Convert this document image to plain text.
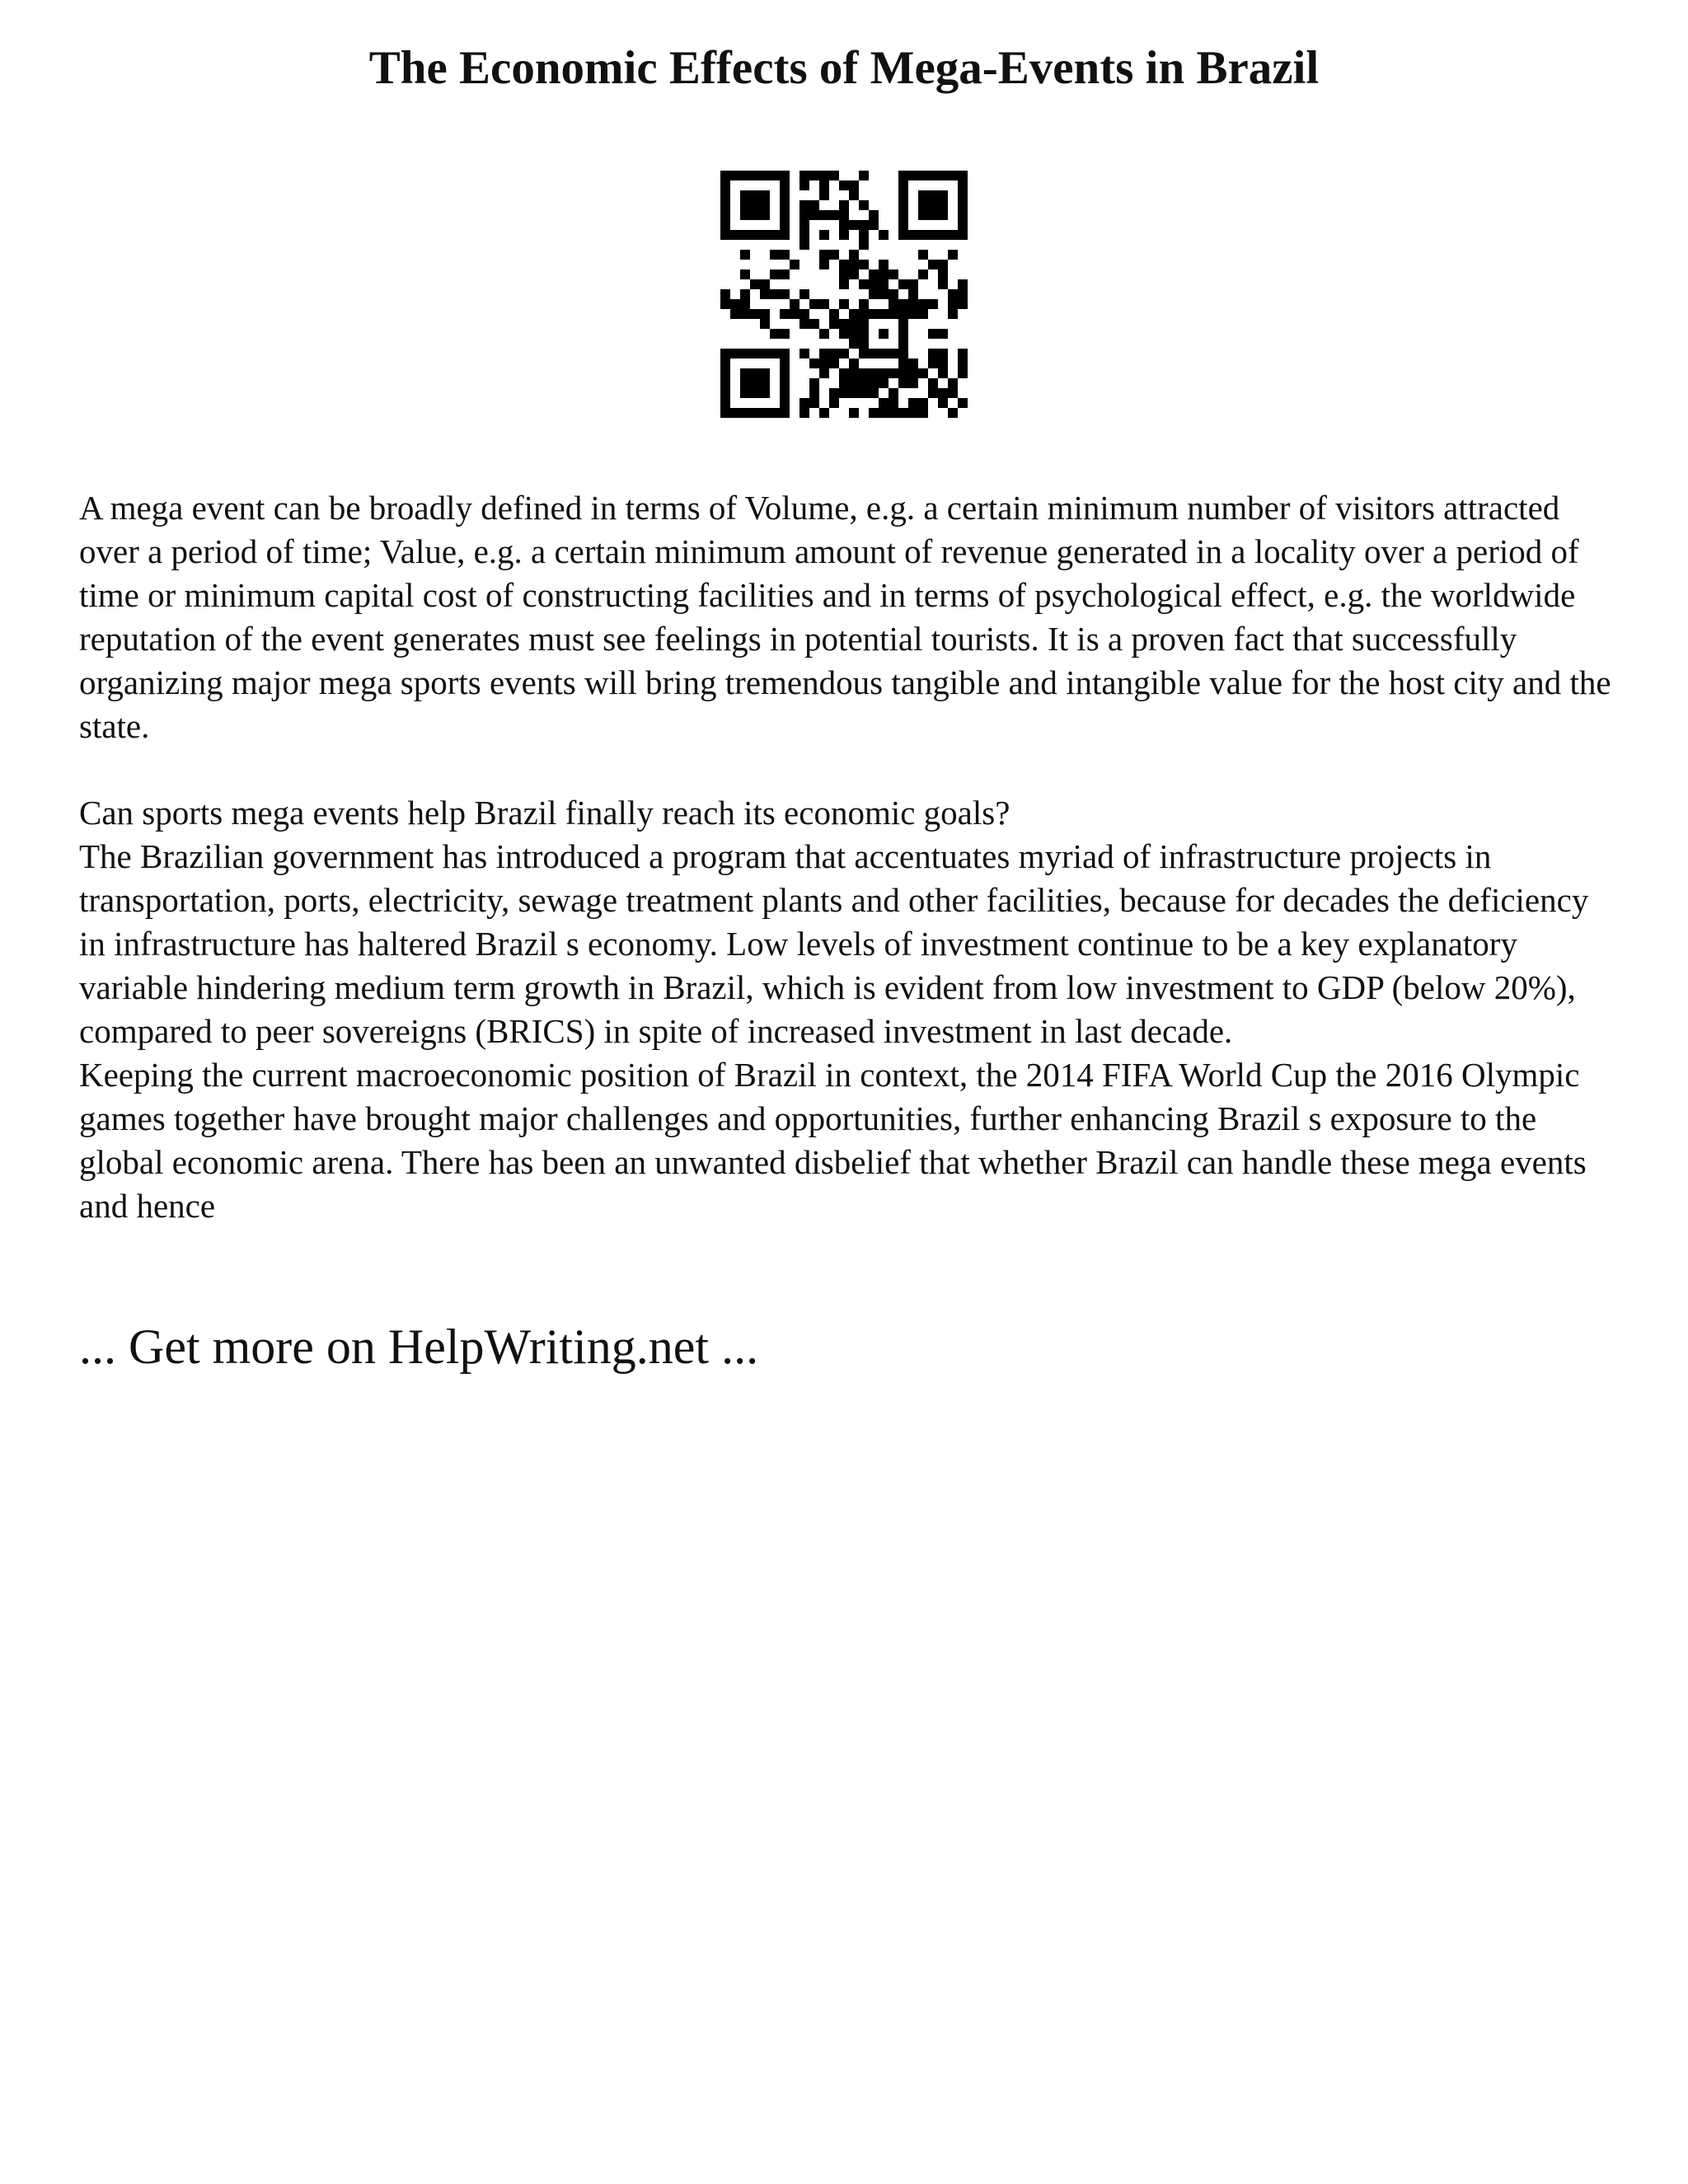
The Economic Effects of Mega-Events in Brazil
A mega event can be broadly defined in terms of Volume, e.g. a certain minimum number of visitors attracted over a period of time; Value, e.g. a certain minimum amount of revenue generated in a locality over a period of time or minimum capital cost of constructing facilities and in terms of psychological effect, e.g. the worldwide reputation of the event generates must see feelings in potential tourists. It is a proven fact that successfully organizing major mega sports events will bring tremendous tangible and intangible value for the host city and the state.
Can sports mega events help Brazil finally reach its economic goals?
The Brazilian government has introduced a program that accentuates myriad of infrastructure projects in transportation, ports, electricity, sewage treatment plants and other facilities, because for decades the deficiency in infrastructure has haltered Brazil s economy. Low levels of investment continue to be a key explanatory variable hindering medium term growth in Brazil, which is evident from low investment to GDP (below 20%), compared to peer sovereigns (BRICS) in spite of increased investment in last decade.
Keeping the current macroeconomic position of Brazil in context, the 2014 FIFA World Cup the 2016 Olympic games together have brought major challenges and opportunities, further enhancing Brazil s exposure to the global economic arena. There has been an unwanted disbelief that whether Brazil can handle these mega events and hence
... Get more on HelpWriting.net ...
